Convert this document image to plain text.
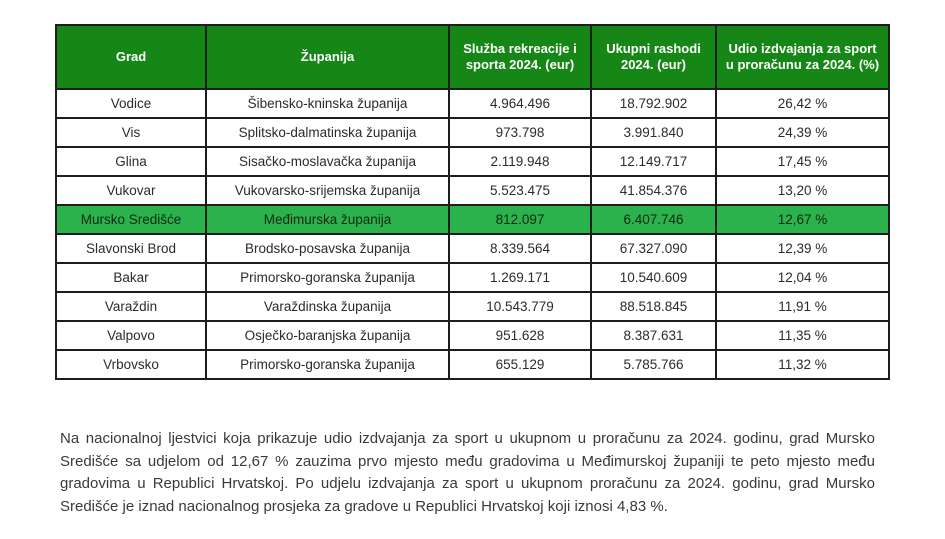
Grad	Županija	Služba rekreacije i sporta 2024. (eur)	Ukupni rashodi 2024. (eur)	Udio izdvajanja za sport u proračunu za 2024. (%)
Vodice	Šibensko-kninska županija	4.964.496	18.792.902	26,42 %
Vis	Splitsko-dalmatinska županija	973.798	3.991.840	24,39 %
Glina	Sisačko-moslavačka županija	2.119.948	12.149.717	17,45 %
Vukovar	Vukovarsko-srijemska županija	5.523.475	41.854.376	13,20 %
Mursko Središće	Međimurska županija	812.097	6.407.746	12,67 %
Slavonski Brod	Brodsko-posavska županija	8.339.564	67.327.090	12,39 %
Bakar	Primorsko-goranska županija	1.269.171	10.540.609	12,04 %
Varaždin	Varaždinska županija	10.543.779	88.518.845	11,91 %
Valpovo	Osječko-baranjska županija	951.628	8.387.631	11,35 %
Vrbovsko	Primorsko-goranska županija	655.129	5.785.766	11,32 %

Na nacionalnoj ljestvici koja prikazuje udio izdvajanja za sport u ukupnom u proračunu za 2024. godinu, grad Mursko Središće sa udjelom od 12,67 % zauzima prvo mjesto među gradovima u Međimurskoj županiji te peto mjesto među gradovima u Republici Hrvatskoj. Po udjelu izdvajanja za sport u ukupnom proračunu za 2024. godinu, grad Mursko Središće je iznad nacionalnog prosjeka za gradove u Republici Hrvatskoj koji iznosi 4,83 %.
